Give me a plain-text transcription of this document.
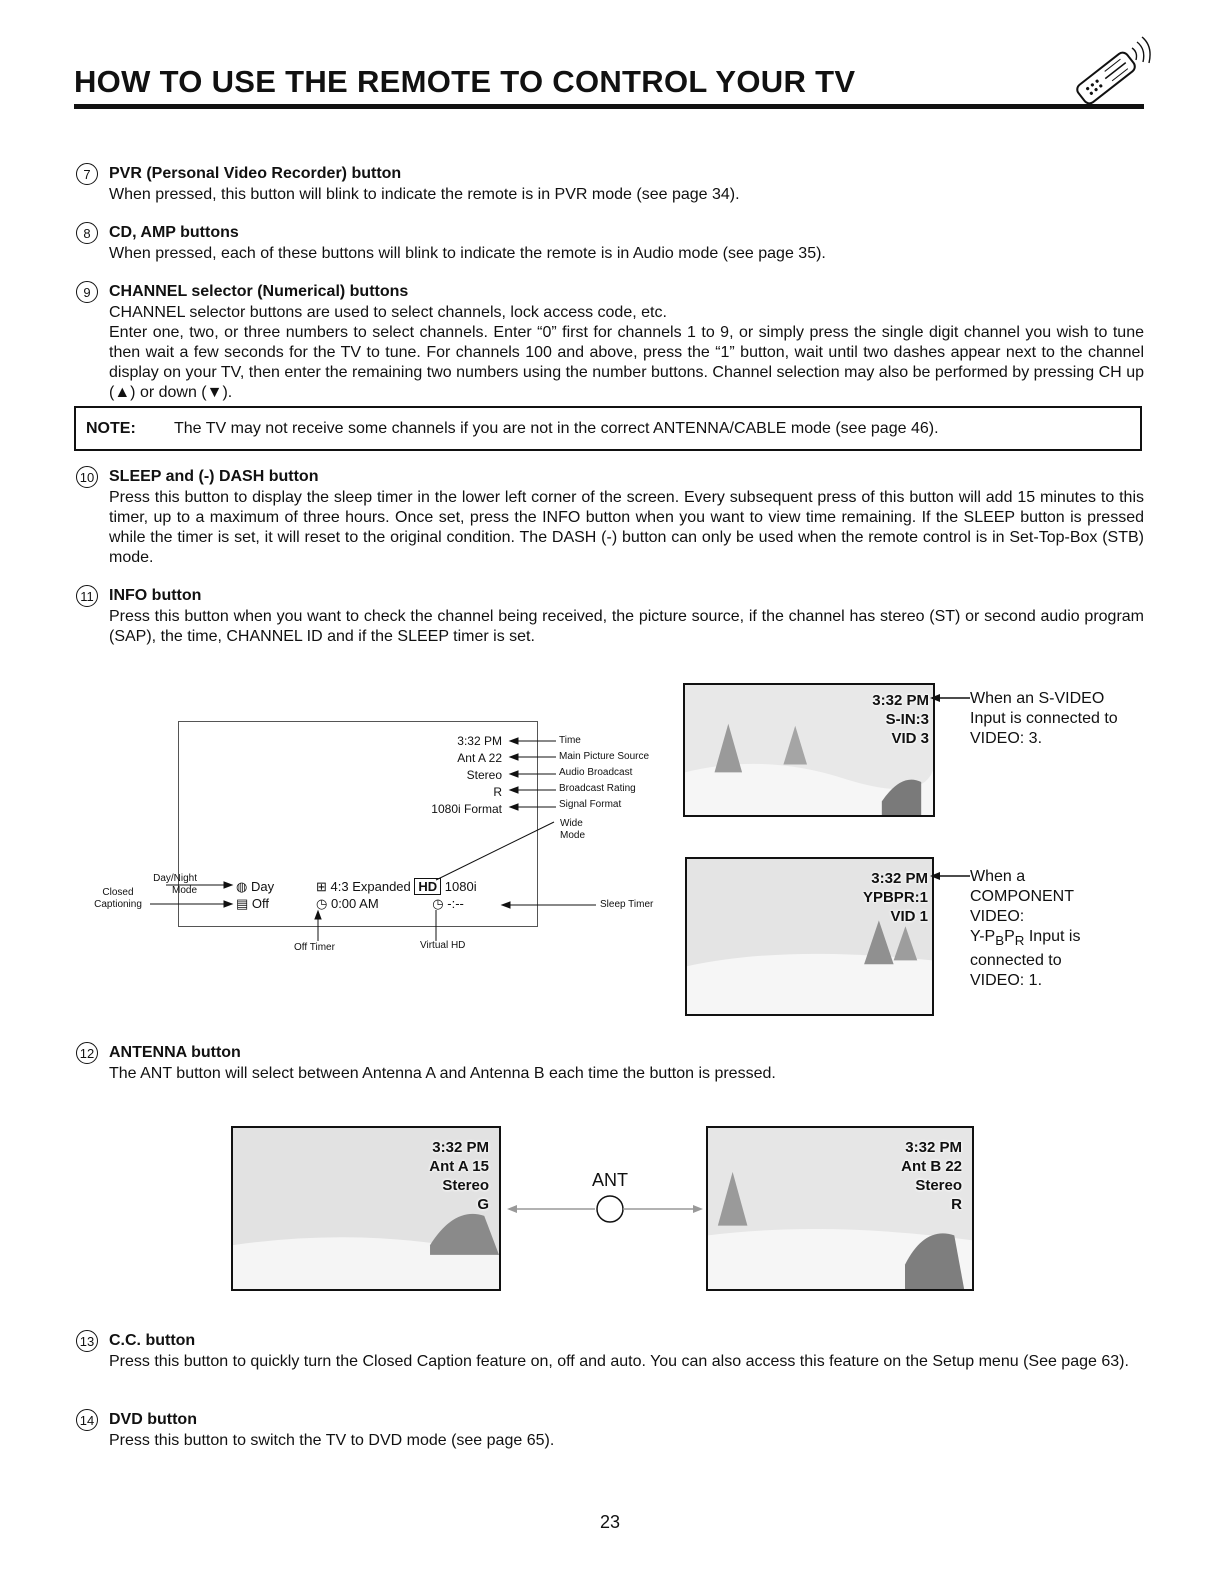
HOW TO USE THE REMOTE TO CONTROL YOUR TV
7	PVR (Personal Video Recorder) button
When pressed, this button will blink to indicate the remote is in PVR mode (see page 34).
8	CD, AMP buttons
When pressed, each of these buttons will blink to indicate the remote is in Audio mode (see page 35).
9	CHANNEL selector (Numerical) buttons
CHANNEL selector buttons are used to select channels, lock access code, etc.
Enter one, two, or three numbers to select channels. Enter “0” first for channels 1 to 9, or simply press the single digit channel you wish to tune then wait a few seconds for the TV to tune. For channels 100 and above, press the “1” button, wait until two dashes appear next to the channel display on your TV, then enter the remaining two numbers using the number buttons. Channel selection may also be performed by pressing CH up (▲) or down (▼).
NOTE:	The TV may not receive some channels if you are not in the correct ANTENNA/CABLE mode (see page 46).
10 SLEEP and (-) DASH button
Press this button to display the sleep timer in the lower left corner of the screen. Every subsequent press of this button will add 15 minutes to this timer, up to a maximum of three hours. Once set, press the INFO button when you want to view time remaining. If the SLEEP button is pressed while the timer is set, it will reset to the original condition. The DASH (-) button can only be used when the remote control is in Set-Top-Box (STB) mode.
11 INFO button
Press this button when you want to check the channel being received, the picture source, if the channel has stereo (ST) or second audio program (SAP), the time, CHANNEL ID and if the SLEEP timer is set.
3:32 PM
Ant A 22
Stereo
R
1080i Format
Time
Main Picture Source
Audio Broadcast
Broadcast Rating
Signal Format
Wide
Mode
Day/Night
Mode
Closed
Captioning
◍ Day
▤ Off
⊞ 4:3 Expanded HD 1080i
◷ 0:00 AM	◷ -:--
Off Timer	Virtual HD
Sleep Timer
3:32 PM
S-IN:3
VID 3
When an S-VIDEO
Input is connected to
VIDEO: 3.
3:32 PM
YPBPR:1
VID 1
When a
COMPONENT
VIDEO:
$Y-P_BP_R$ Input is
connected to
VIDEO: 1.
12 ANTENNA button
The ANT button will select between Antenna A and Antenna B each time the button is pressed.
3:32 PM
Ant A 15
Stereo
G
3:32 PM
Ant B 22
Stereo
R
ANT
13 C.C. button
Press this button to quickly turn the Closed Caption feature on, off and auto. You can also access this feature on the Setup menu (See page 63).
14 DVD button
Press this button to switch the TV to DVD mode (see page 65).
23
